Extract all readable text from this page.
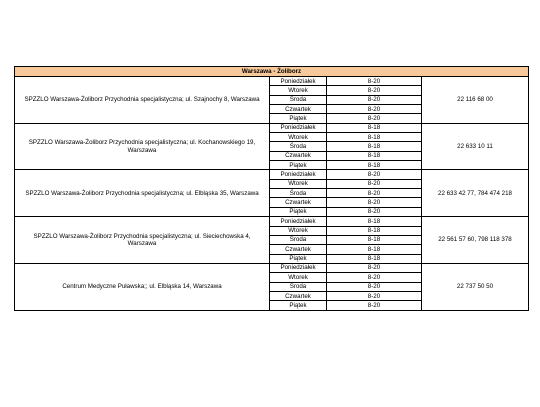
Warszawa - Żoliborz			
SPZZLO Warszawa-Żoliborz Przychodnia specjalistyczna; ul. Szajnochy 8, Warszawa	Poniedziałek	8-20	22 116 68 00
	Wtorek	8-20	
	Środa	8-20	
	Czwartek	8-20	
	Piątek	8-20	
SPZZLO Warszawa-Żoliborz Przychodnia specjalistyczna; ul. Kochanowskiego 19, Warszawa	Poniedziałek	8-18	22 633 10 11
	Wtorek	8-18	
	Środa	8-18	
	Czwartek	8-18	
	Piątek	8-18	
SPZZLO Warszawa-Żoliborz Przychodnia specjalistyczna; ul. Elbląska 35, Warszawa	Poniedziałek	8-20	22 633 42 77, 784 474 218
	Wtorek	8-20	
	Środa	8-20	
	Czwartek	8-20	
	Piątek	8-20	
SPZZLO Warszawa-Żoliborz Przychodnia specjalistyczna; ul. Sieciechowska 4, Warszawa	Poniedziałek	8-18	22 561 57 60, 798 118 378
	Wtorek	8-18	
	Środa	8-18	
	Czwartek	8-18	
	Piątek	8-18	
Centrum Medyczne Puławska;; ul. Elbląska 14, Warszawa	Poniedziałek	8-20	22 737 50 50
	Wtorek	8-20	
	Środa	8-20	
	Czwartek	8-20	
	Piątek	8-20	
